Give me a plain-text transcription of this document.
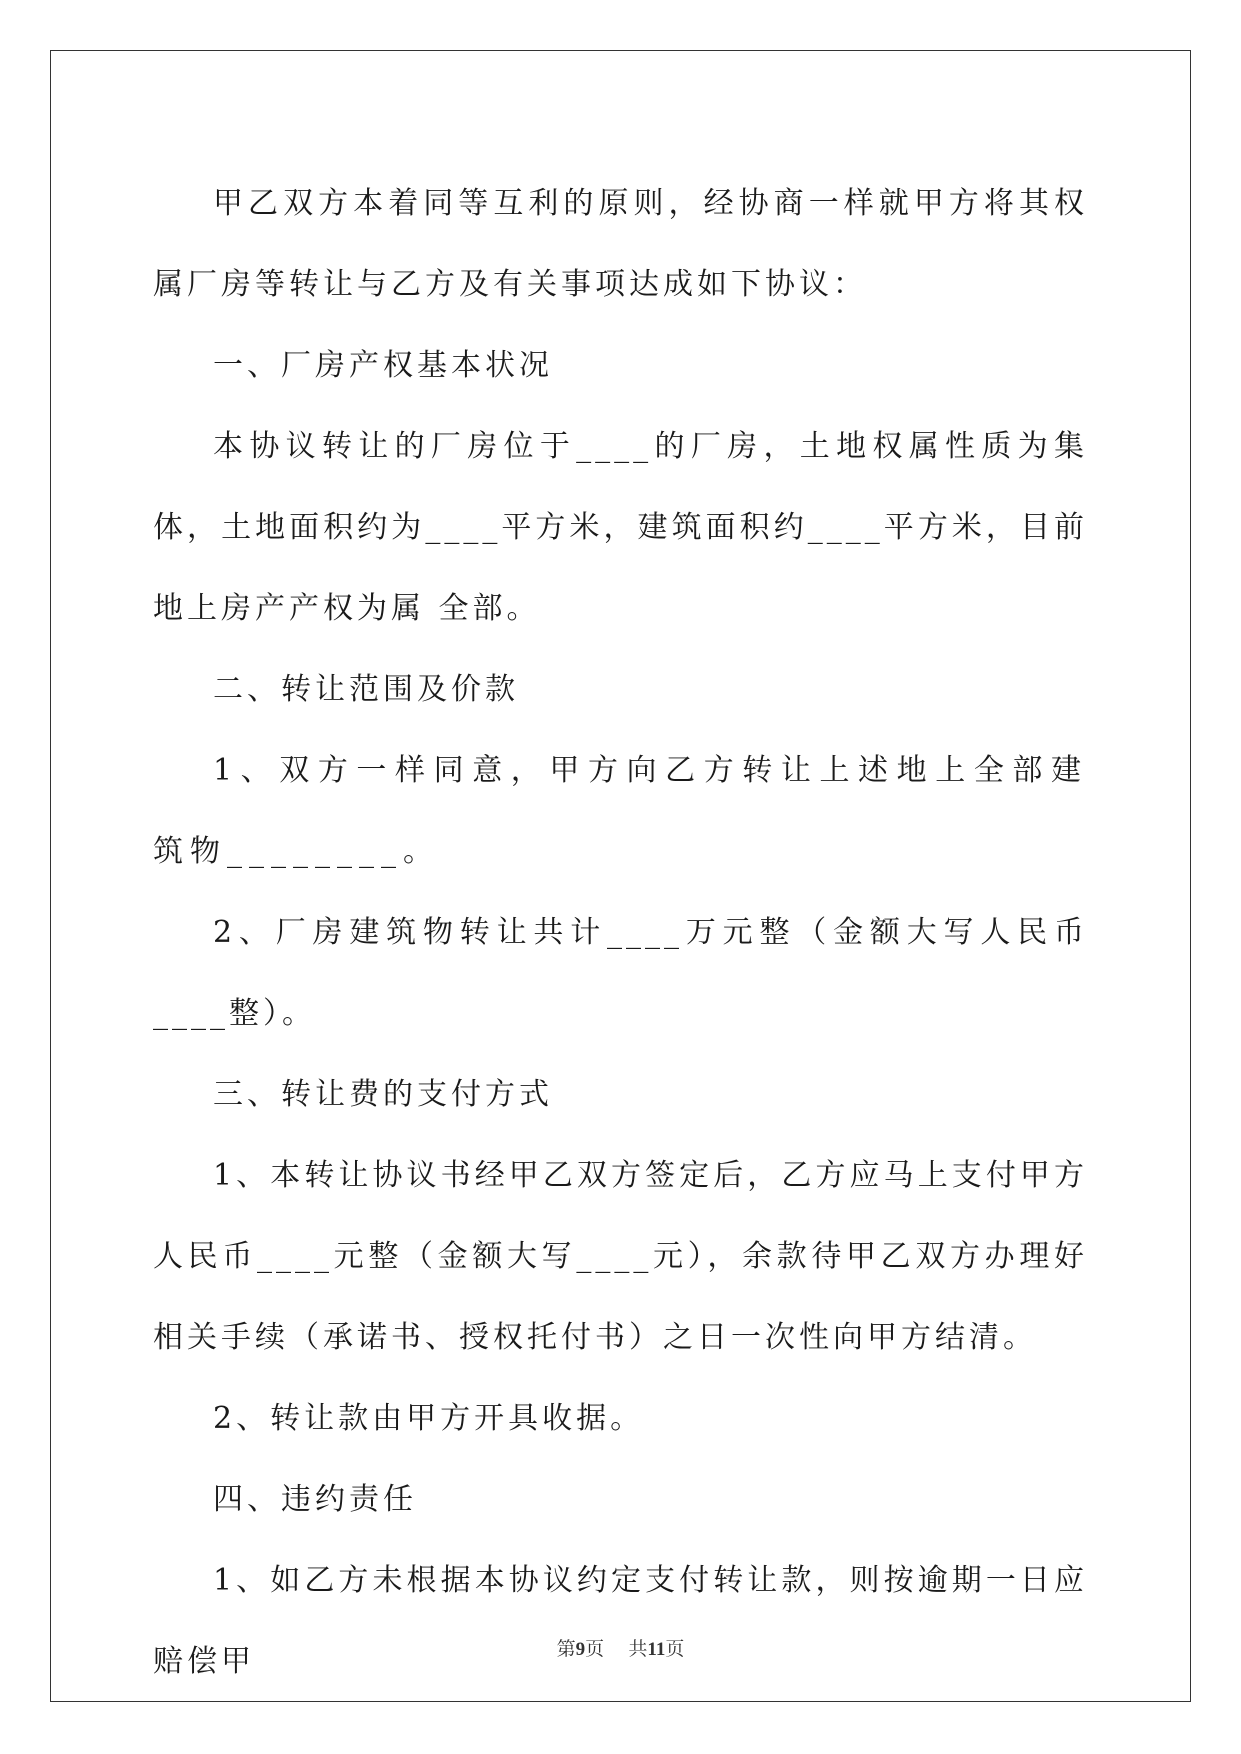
甲乙双方本着同等互利的原则，经协商一样就甲方将其权属厂房等转让与乙方及有关事项达成如下协议：

一、厂房产权基本状况

本协议转让的厂房位于____的厂房，土地权属性质为集体，土地面积约为____平方米，建筑面积约____平方米，目前地上房产产权为属 全部。

二、转让范围及价款

1、双方一样同意，甲方向乙方转让上述地上全部建筑物________。

2、厂房建筑物转让共计____万元整（金额大写人民币____整）。

三、转让费的支付方式

1、本转让协议书经甲乙双方签定后，乙方应马上支付甲方人民币____元整（金额大写____元），余款待甲乙双方办理好相关手续（承诺书、授权托付书）之日一次性向甲方结清。

2、转让款由甲方开具收据。

四、违约责任

1、如乙方未根据本协议约定支付转让款，则按逾期一日应赔偿甲	第9页 共11页
